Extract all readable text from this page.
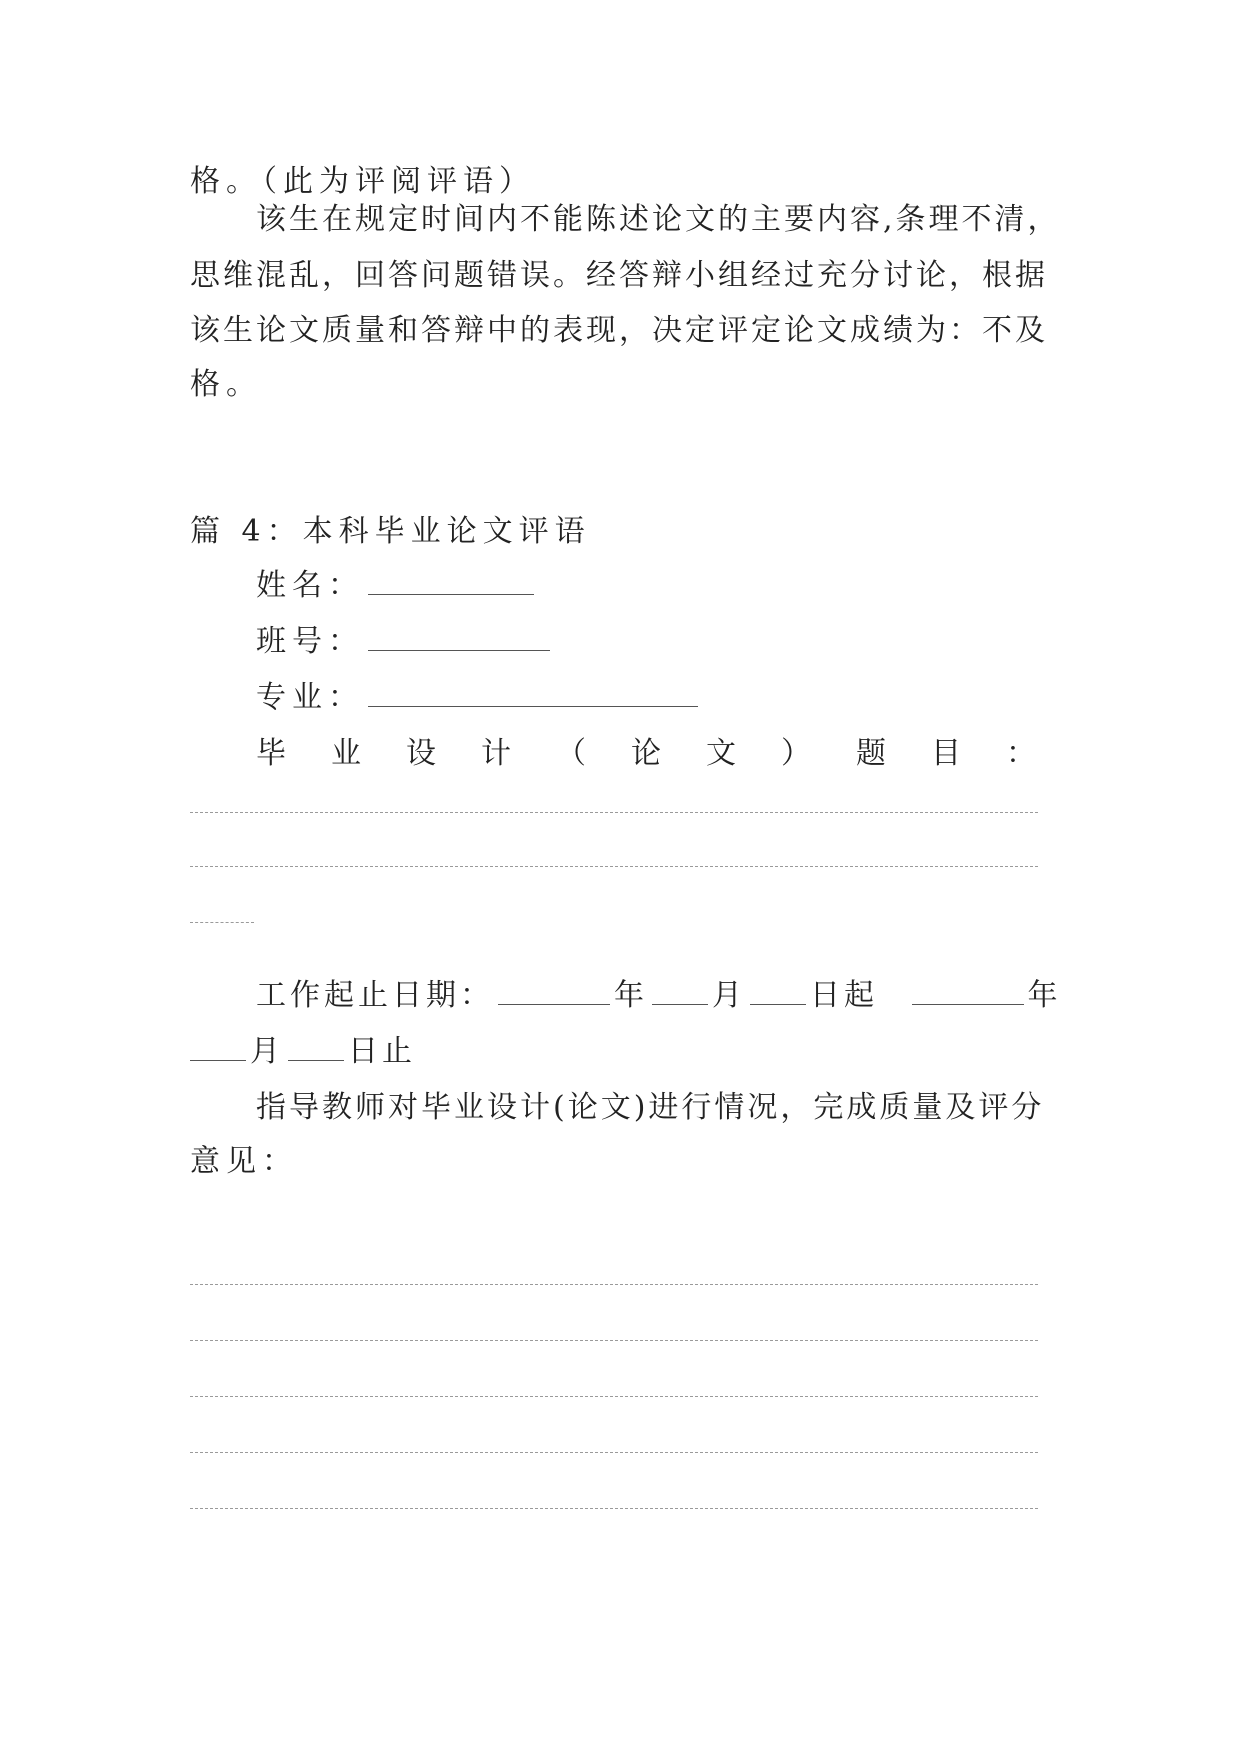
格。（此为评阅评语）
该生在规定时间内不能陈述论文的主要内容,条理不清，
思维混乱，回答问题错误。经答辩小组经过充分讨论，根据
该生论文质量和答辩中的表现，决定评定论文成绩为：不及
格。
篇 4：本科毕业论文评语
姓名：
班号：
专业：
毕 业 设 计 （ 论 文 ） 题 目 ：
工作起止日期：	年 月 日起	年
月 日止
指导教师对毕业设计(论文)进行情况，完成质量及评分
意见：
